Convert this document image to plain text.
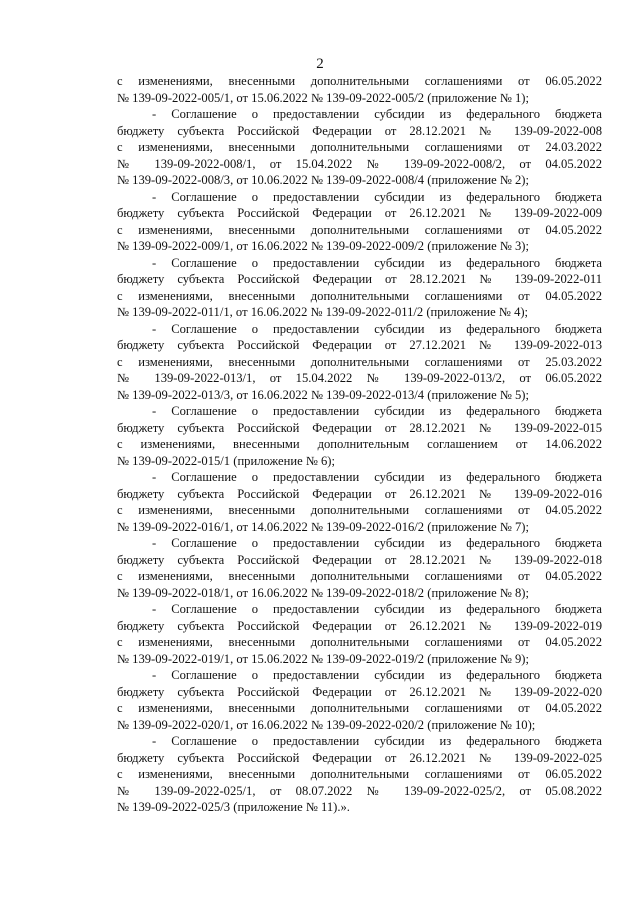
2
с изменениями, внесенными дополнительными соглашениями от 06.05.2022
№ 139-09-2022-005/1, от 15.06.2022 № 139-09-2022-005/2 (приложение № 1);
- Соглашение о предоставлении субсидии из федерального бюджета
бюджету субъекта Российской Федерации от 28.12.2021 № 139-09-2022-008
с изменениями, внесенными дополнительными соглашениями от 24.03.2022
№ 139-09-2022-008/1, от 15.04.2022 № 139-09-2022-008/2, от 04.05.2022
№ 139-09-2022-008/3, от 10.06.2022 № 139-09-2022-008/4 (приложение № 2);
- Соглашение о предоставлении субсидии из федерального бюджета
бюджету субъекта Российской Федерации от 26.12.2021 № 139-09-2022-009
с изменениями, внесенными дополнительными соглашениями от 04.05.2022
№ 139-09-2022-009/1, от 16.06.2022 № 139-09-2022-009/2 (приложение № 3);
- Соглашение о предоставлении субсидии из федерального бюджета
бюджету субъекта Российской Федерации от 28.12.2021 № 139-09-2022-011
с изменениями, внесенными дополнительными соглашениями от 04.05.2022
№ 139-09-2022-011/1, от 16.06.2022 № 139-09-2022-011/2 (приложение № 4);
- Соглашение о предоставлении субсидии из федерального бюджета
бюджету субъекта Российской Федерации от 27.12.2021 № 139-09-2022-013
с изменениями, внесенными дополнительными соглашениями от 25.03.2022
№ 139-09-2022-013/1, от 15.04.2022 № 139-09-2022-013/2, от 06.05.2022
№ 139-09-2022-013/3, от 16.06.2022 № 139-09-2022-013/4 (приложение № 5);
- Соглашение о предоставлении субсидии из федерального бюджета
бюджету субъекта Российской Федерации от 28.12.2021 № 139-09-2022-015
с изменениями, внесенными дополнительным соглашением от 14.06.2022
№ 139-09-2022-015/1 (приложение № 6);
- Соглашение о предоставлении субсидии из федерального бюджета
бюджету субъекта Российской Федерации от 26.12.2021 № 139-09-2022-016
с изменениями, внесенными дополнительными соглашениями от 04.05.2022
№ 139-09-2022-016/1, от 14.06.2022 № 139-09-2022-016/2 (приложение № 7);
- Соглашение о предоставлении субсидии из федерального бюджета
бюджету субъекта Российской Федерации от 28.12.2021 № 139-09-2022-018
с изменениями, внесенными дополнительными соглашениями от 04.05.2022
№ 139-09-2022-018/1, от 16.06.2022 № 139-09-2022-018/2 (приложение № 8);
- Соглашение о предоставлении субсидии из федерального бюджета
бюджету субъекта Российской Федерации от 26.12.2021 № 139-09-2022-019
с изменениями, внесенными дополнительными соглашениями от 04.05.2022
№ 139-09-2022-019/1, от 15.06.2022 № 139-09-2022-019/2 (приложение № 9);
- Соглашение о предоставлении субсидии из федерального бюджета
бюджету субъекта Российской Федерации от 26.12.2021 № 139-09-2022-020
с изменениями, внесенными дополнительными соглашениями от 04.05.2022
№ 139-09-2022-020/1, от 16.06.2022 № 139-09-2022-020/2 (приложение № 10);
- Соглашение о предоставлении субсидии из федерального бюджета
бюджету субъекта Российской Федерации от 26.12.2021 № 139-09-2022-025
с изменениями, внесенными дополнительными соглашениями от 06.05.2022
№ 139-09-2022-025/1, от 08.07.2022 № 139-09-2022-025/2, от 05.08.2022
№ 139-09-2022-025/3 (приложение № 11).».
